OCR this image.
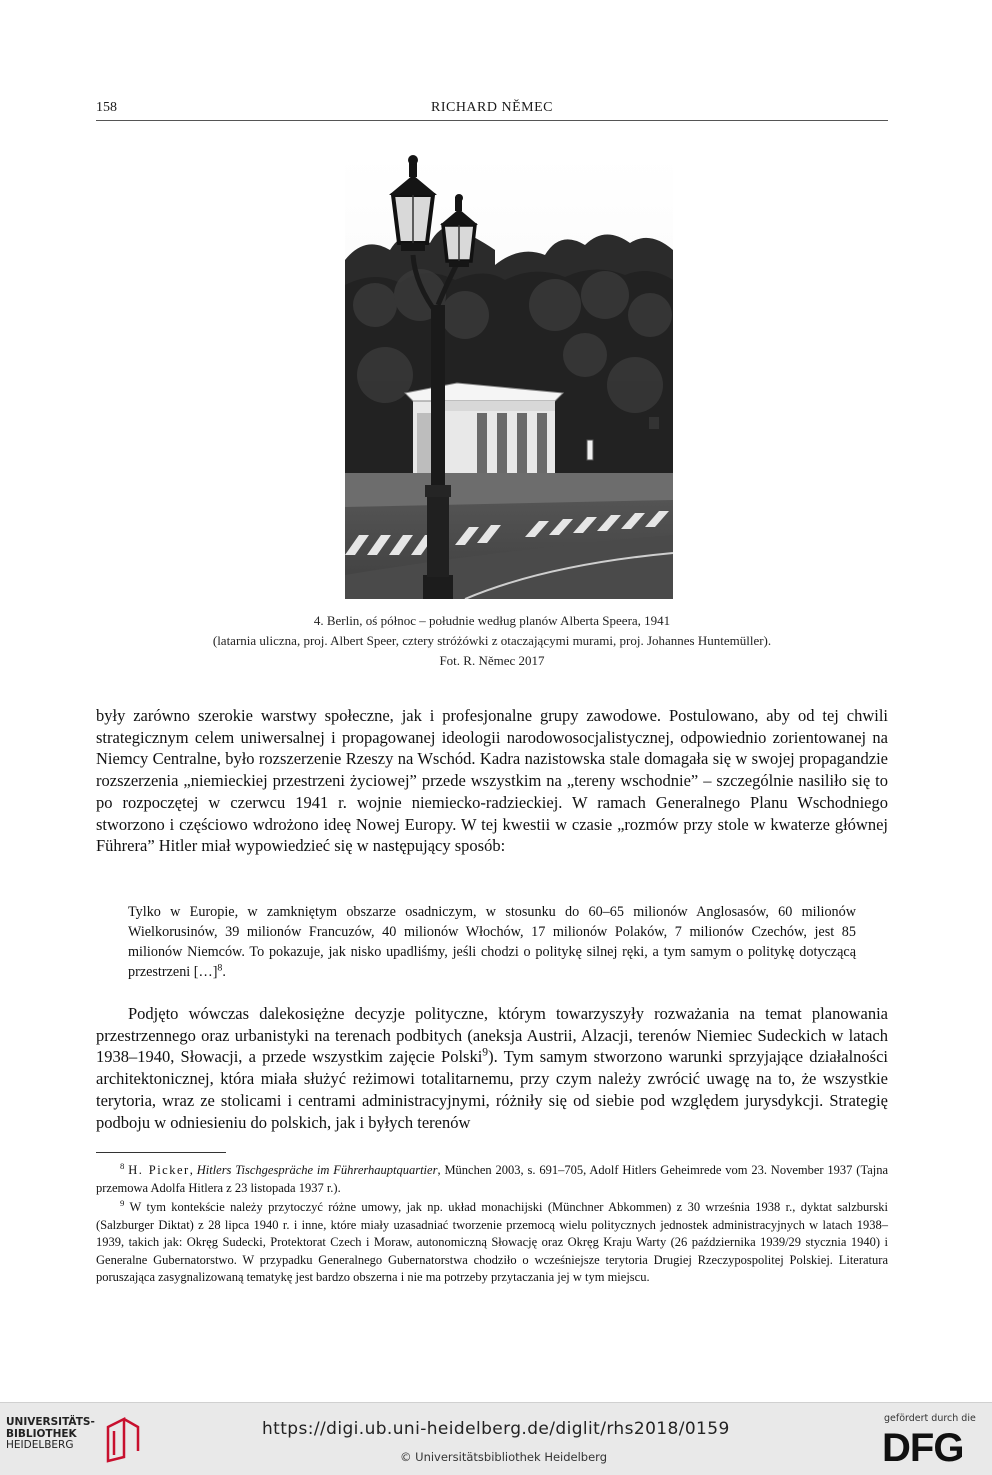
158	RICHARD NĚMEC
4. Berlin, oś północ – południe według planów Alberta Speera, 1941
(latarnia uliczna, proj. Albert Speer, cztery stróżówki z otaczającymi murami, proj. Johannes Huntemüller).
Fot. R. Němec 2017

były zarówno szerokie warstwy społeczne, jak i profesjonalne grupy zawodowe. Postulowano, aby od tej chwili strategicznym celem uniwersalnej i propagowanej ideologii narodowosocjalistycznej, odpowiednio zorientowanej na Niemcy Centralne, było rozszerzenie Rzeszy na Wschód. Kadra nazistowska stale domagała się w swojej propagandzie rozszerzenia „niemieckiej przestrzeni życiowej” przede wszystkim na „tereny wschodnie” – szczególnie nasiliło się to po rozpoczętej w czerwcu 1941 r. wojnie niemiecko-radzieckiej. W ramach Generalnego Planu Wschodniego stworzono i częściowo wdrożono ideę Nowej Europy. W tej kwestii w czasie „rozmów przy stole w kwaterze głównej Führera” Hitler miał wypowiedzieć się w następujący sposób:

Tylko w Europie, w zamkniętym obszarze osadniczym, w stosunku do 60–65 milionów Anglosasów, 60 milionów Wielkorusinów, 39 milionów Francuzów, 40 milionów Włochów, 17 milionów Polaków, 7 milionów Czechów, jest 85 milionów Niemców. To pokazuje, jak nisko upadliśmy, jeśli chodzi o politykę silnej ręki, a tym samym o politykę dotyczącą przestrzeni […]$^8$.

Podjęto wówczas dalekosiężne decyzje polityczne, którym towarzyszyły rozważania na temat planowania przestrzennego oraz urbanistyki na terenach podbitych (aneksja Austrii, Alzacji, terenów Niemiec Sudeckich w latach 1938–1940, Słowacji, a przede wszystkim zajęcie Polski$^9$). Tym samym stworzono warunki sprzyjające działalności architektonicznej, która miała służyć reżimowi totalitarnemu, przy czym należy zwrócić uwagę na to, że wszystkie terytoria, wraz ze stolicami i centrami administracyjnymi, różniły się od siebie pod względem jurysdykcji. Strategię podboju w odniesieniu do polskich, jak i byłych terenów

$^8$ H. Picker, Hitlers Tischgespräche im Führerhauptquartier, München 2003, s. 691–705, Adolf Hitlers Geheimrede vom 23. November 1937 (Tajna przemowa Adolfa Hitlera z 23 listopada 1937 r.).

$^9$ W tym kontekście należy przytoczyć różne umowy, jak np. układ monachijski (Münchner Abkommen) z 30 września 1938 r., dyktat salzburski (Salzburger Diktat) z 28 lipca 1940 r. i inne, które miały uzasadniać tworzenie przemocą wielu politycznych jednostek administracyjnych w latach 1938–1939, takich jak: Okręg Sudecki, Protektorat Czech i Moraw, autonomiczną Słowację oraz Okręg Kraju Warty (26 października 1939/29 stycznia 1940) i Generalne Gubernatorstwo. W przypadku Generalnego Gubernatorstwa chodziło o wcześniejsze terytoria Drugiej Rzeczypospolitej Polskiej. Literatura poruszająca zasygnalizowaną tematykę jest bardzo obszerna i nie ma potrzeby przytaczania jej w tym miejscu.

UNIVERSITÄTS-
BIBLIOTHEK
HEIDELBERG
https://digi.ub.uni-heidelberg.de/diglit/rhs2018/0159
© Universitätsbibliothek Heidelberg
gefördert durch die
DFG
